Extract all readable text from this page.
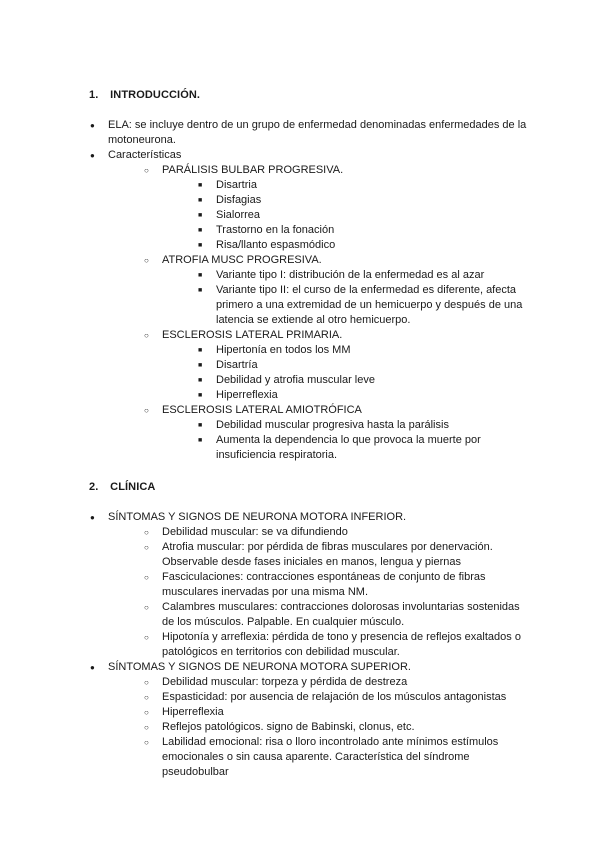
1. INTRODUCCIÓN.
● ELA: se incluye dentro de un grupo de enfermedad denominadas enfermedades de la motoneurona.
● Características
○ PARÁLISIS BULBAR PROGRESIVA.
■ Disartria
■ Disfagias
■ Sialorrea
■ Trastorno en la fonación
■ Risa/llanto espasmódico
○ ATROFIA MUSC PROGRESIVA.
■ Variante tipo I: distribución de la enfermedad es al azar
■ Variante tipo II: el curso de la enfermedad es diferente, afecta primero a una extremidad de un hemicuerpo y después de una latencia se extiende al otro hemicuerpo.
○ ESCLEROSIS LATERAL PRIMARIA.
■ Hipertonía en todos los MM
■ Disartría
■ Debilidad y atrofia muscular leve
■ Hiperreflexia
○ ESCLEROSIS LATERAL AMIOTRÓFICA
■ Debilidad muscular progresiva hasta la parálisis
■ Aumenta la dependencia lo que provoca la muerte por insuficiencia respiratoria.
2. CLÍNICA
● SÍNTOMAS Y SIGNOS DE NEURONA MOTORA INFERIOR.
○ Debilidad muscular: se va difundiendo
○ Atrofia muscular: por pérdida de fibras musculares por denervación. Observable desde fases iniciales en manos, lengua y piernas
○ Fasciculaciones: contracciones espontáneas de conjunto de fibras musculares inervadas por una misma NM.
○ Calambres musculares: contracciones dolorosas involuntarias sostenidas de los músculos. Palpable. En cualquier músculo.
○ Hipotonía y arreflexia: pérdida de tono y presencia de reflejos exaltados o patológicos en territorios con debilidad muscular.
● SÍNTOMAS Y SIGNOS DE NEURONA MOTORA SUPERIOR.
○ Debilidad muscular: torpeza y pérdida de destreza
○ Espasticidad: por ausencia de relajación de los músculos antagonistas
○ Hiperreflexia
○ Reflejos patológicos. signo de Babinski, clonus, etc.
○ Labilidad emocional: risa o lloro incontrolado ante mínimos estímulos emocionales o sin causa aparente. Característica del síndrome pseudobulbar
